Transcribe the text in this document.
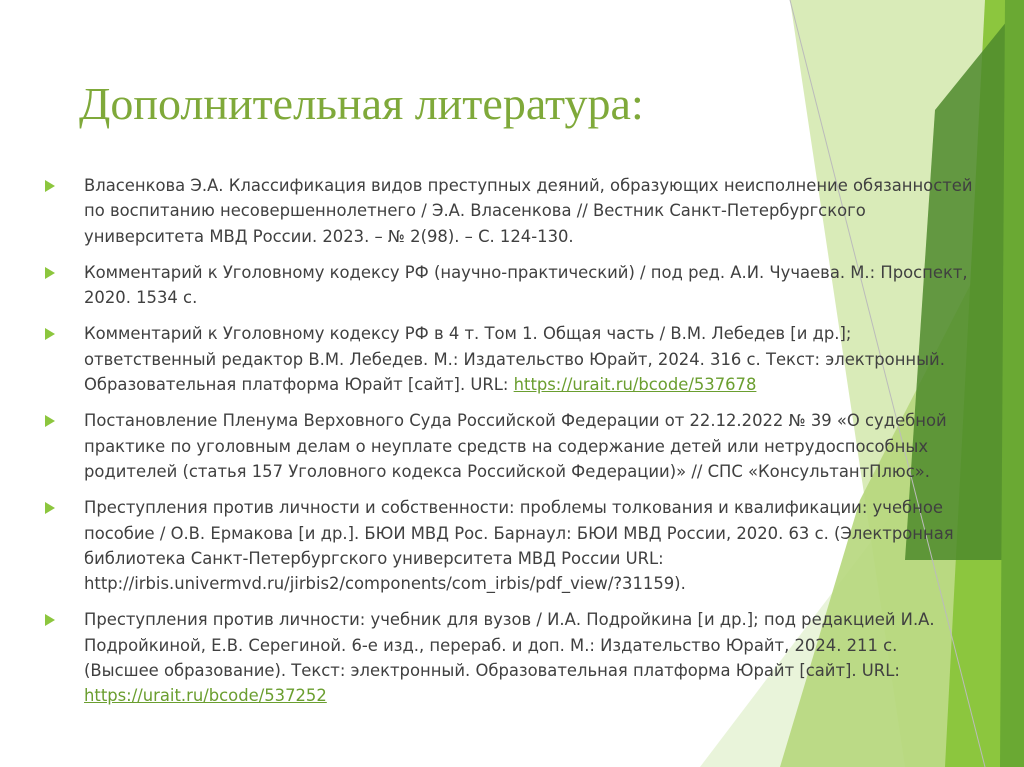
Дополнительная литература:
Власенкова Э.А. Классификация видов преступных деяний, образующих неисполнение обязанностей по воспитанию несовершеннолетнего / Э.А. Власенкова // Вестник Санкт-Петербургского университета МВД России. 2023. – № 2(98). – С. 124-130.
Комментарий к Уголовному кодексу РФ (научно-практический) / под ред. А.И. Чучаева. М.: Проспект, 2020. 1534 с.
Комментарий к Уголовному кодексу РФ в 4 т. Том 1. Общая часть / В.М. Лебедев [и др.]; ответственный редактор В.М. Лебедев. М.: Издательство Юрайт, 2024. 316 с. Текст: электронный. Образовательная платформа Юрайт [сайт]. URL: https://urait.ru/bcode/537678
Постановление Пленума Верховного Суда Российской Федерации от 22.12.2022 № 39 «О судебной практике по уголовным делам о неуплате средств на содержание детей или нетрудоспособных родителей (статья 157 Уголовного кодекса Российской Федерации)» // СПС «КонсультантПлюс».
Преступления против личности и собственности: проблемы толкования и квалификации: учебное пособие / О.В. Ермакова [и др.]. БЮИ МВД Рос. Барнаул: БЮИ МВД России, 2020. 63 с. (Электронная библиотека Санкт-Петербургского университета МВД России URL: http://irbis.univermvd.ru/jirbis2/components/com_irbis/pdf_view/?31159).
Преступления против личности: учебник для вузов / И.А. Подройкина [и др.]; под редакцией И.А. Подройкиной, Е.В. Серегиной. 6-е изд., перераб. и доп. М.: Издательство Юрайт, 2024. 211 с. (Высшее образование). Текст: электронный. Образовательная платформа Юрайт [сайт]. URL: https://urait.ru/bcode/537252
